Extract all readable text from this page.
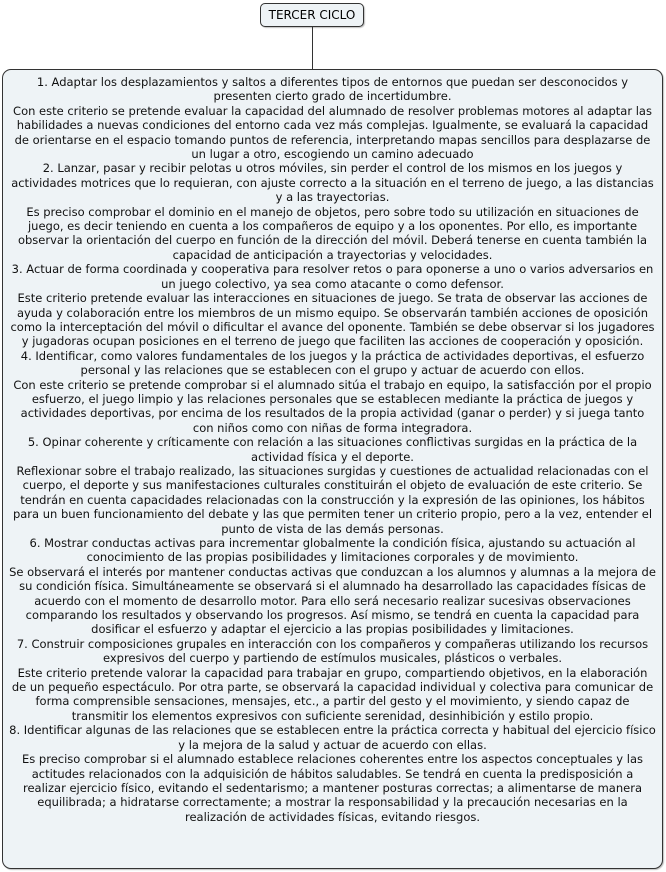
TERCER CICLO

1. Adaptar los desplazamientos y saltos a diferentes tipos de entornos que puedan ser desconocidos y presenten cierto grado de incertidumbre.

Con este criterio se pretende evaluar la capacidad del alumnado de resolver problemas motores al adaptar las habilidades a nuevas condiciones del entorno cada vez más complejas. Igualmente, se evaluará la capacidad de orientarse en el espacio tomando puntos de referencia, interpretando mapas sencillos para desplazarse de un lugar a otro, escogiendo un camino adecuado

2. Lanzar, pasar y recibir pelotas u otros móviles, sin perder el control de los mismos en los juegos y actividades motrices que lo requieran, con ajuste correcto a la situación en el terreno de juego, a las distancias y a las trayectorias.

Es preciso comprobar el dominio en el manejo de objetos, pero sobre todo su utilización en situaciones de juego, es decir teniendo en cuenta a los compañeros de equipo y a los oponentes. Por ello, es importante observar la orientación del cuerpo en función de la dirección del móvil. Deberá tenerse en cuenta también la capacidad de anticipación a trayectorias y velocidades.

3. Actuar de forma coordinada y cooperativa para resolver retos o para oponerse a uno o varios adversarios en un juego colectivo, ya sea como atacante o como defensor.

Este criterio pretende evaluar las interacciones en situaciones de juego. Se trata de observar las acciones de ayuda y colaboración entre los miembros de un mismo equipo. Se observarán también acciones de oposición como la interceptación del móvil o dificultar el avance del oponente. También se debe observar si los jugadores y jugadoras ocupan posiciones en el terreno de juego que faciliten las acciones de cooperación y oposición.

4. Identificar, como valores fundamentales de los juegos y la práctica de actividades deportivas, el esfuerzo personal y las relaciones que se establecen con el grupo y actuar de acuerdo con ellos.

Con este criterio se pretende comprobar si el alumnado sitúa el trabajo en equipo, la satisfacción por el propio esfuerzo, el juego limpio y las relaciones personales que se establecen mediante la práctica de juegos y actividades deportivas, por encima de los resultados de la propia actividad (ganar o perder) y si juega tanto con niños como con niñas de forma integradora.

5. Opinar coherente y críticamente con relación a las situaciones conflictivas surgidas en la práctica de la actividad física y el deporte.

Reflexionar sobre el trabajo realizado, las situaciones surgidas y cuestiones de actualidad relacionadas con el cuerpo, el deporte y sus manifestaciones culturales constituirán el objeto de evaluación de este criterio. Se tendrán en cuenta capacidades relacionadas con la construcción y la expresión de las opiniones, los hábitos para un buen funcionamiento del debate y las que permiten tener un criterio propio, pero a la vez, entender el punto de vista de las demás personas.

6. Mostrar conductas activas para incrementar globalmente la condición física, ajustando su actuación al conocimiento de las propias posibilidades y limitaciones corporales y de movimiento.

Se observará el interés por mantener conductas activas que conduzcan a los alumnos y alumnas a la mejora de su condición física. Simultáneamente se observará si el alumnado ha desarrollado las capacidades físicas de acuerdo con el momento de desarrollo motor. Para ello será necesario realizar sucesivas observaciones comparando los resultados y observando los progresos. Así mismo, se tendrá en cuenta la capacidad para dosificar el esfuerzo y adaptar el ejercicio a las propias posibilidades y limitaciones.

7. Construir composiciones grupales en interacción con los compañeros y compañeras utilizando los recursos expresivos del cuerpo y partiendo de estímulos musicales, plásticos o verbales.

Este criterio pretende valorar la capacidad para trabajar en grupo, compartiendo objetivos, en la elaboración de un pequeño espectáculo. Por otra parte, se observará la capacidad individual y colectiva para comunicar de forma comprensible sensaciones, mensajes, etc., a partir del gesto y el movimiento, y siendo capaz de transmitir los elementos expresivos con suficiente serenidad, desinhibición y estilo propio.

8. Identificar algunas de las relaciones que se establecen entre la práctica correcta y habitual del ejercicio físico y la mejora de la salud y actuar de acuerdo con ellas.

Es preciso comprobar si el alumnado establece relaciones coherentes entre los aspectos conceptuales y las actitudes relacionados con la adquisición de hábitos saludables. Se tendrá en cuenta la predisposición a realizar ejercicio físico, evitando el sedentarismo; a mantener posturas correctas; a alimentarse de manera equilibrada; a hidratarse correctamente; a mostrar la responsabilidad y la precaución necesarias en la realización de actividades físicas, evitando riesgos.
